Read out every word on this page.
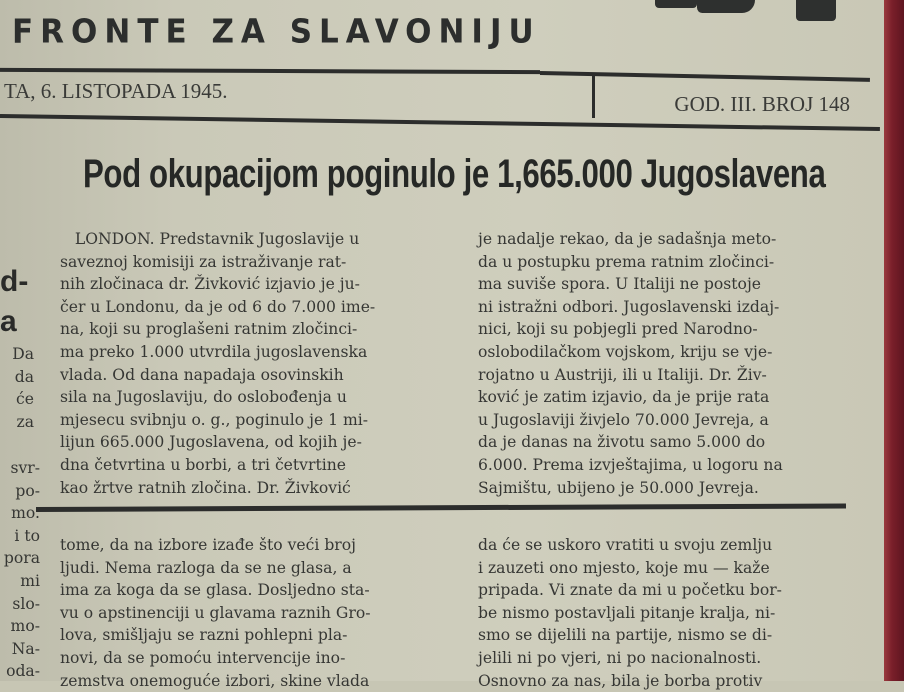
FRONTE ZA SLAVONIJU
TA, 6. LISTOPADA 1945.
GOD. III. BROJ 148
Pod okupacijom poginulo je 1,665.000 Jugoslavena

LONDON. Predstavnik Jugoslavije u

saveznoj komisiji za istraživanje rat-

nih zločinaca dr. Živković izjavio je ju-

čer u Londonu, da je od 6 do 7.000 ime-

na, koji su proglašeni ratnim zločinci-

ma preko 1.000 utvrdila jugoslavenska

vlada. Od dana napadaja osovinskih

sila na Jugoslaviju, do oslobođenja u

mjesecu svibnju o. g., poginulo je 1 mi-

lijun 665.000 Jugoslavena, od kojih je-

dna četvrtina u borbi, a tri četvrtine

kao žrtve ratnih zločina. Dr. Živković

je nadalje rekao, da je sadašnja meto-

da u postupku prema ratnim zločinci-

ma suviše spora. U Italiji ne postoje

ni istražni odbori. Jugoslavenski izdaj-

nici, koji su pobjegli pred Narodno-

oslobodilačkom vojskom, kriju se vje-

rojatno u Austriji, ili u Italiji. Dr. Živ-

ković je zatim izjavio, da je prije rata

u Jugoslaviji živjelo 70.000 Jevreja, a

da je danas na životu samo 5.000 do

6.000. Prema izvještajima, u logoru na

Sajmištu, ubijeno je 50.000 Jevreja.

tome, da na izbore izađe što veći broj

ljudi. Nema razloga da se ne glasa, a

ima za koga da se glasa. Dosljedno sta-

vu o apstinenciji u glavama raznih Gro-

lova, smišljaju se razni pohlepni pla-

novi, da se pomoću intervencije ino-

zemstva onemoguće izbori, skine vlada

da će se uskoro vratiti u svoju zemlju

i zauzeti ono mjesto, koje mu — kaže

pripada. Vi znate da mi u početku bor-

be nismo postavljali pitanje kralja, ni-

smo se dijelili na partije, nismo se di-

jelili ni po vjeri, ni po nacionalnosti.

Osnovno za nas, bila je borba protiv

d-
a
Da
da
će
za
svr-
po-
mo.
i to
pora
mi
slo-
mo-
Na-
oda-
